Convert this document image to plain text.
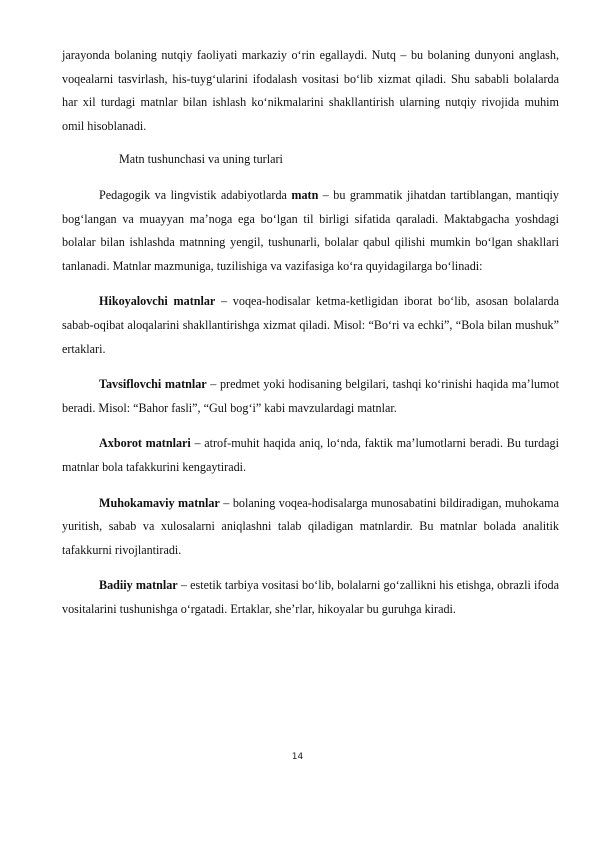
jarayonda bolaning nutqiy faoliyati markaziy o‘rin egallaydi. Nutq – bu bolaning dunyoni anglash, voqealarni tasvirlash, his-tuyg‘ularini ifodalash vositasi bo‘lib xizmat qiladi. Shu sababli bolalarda har xil turdagi matnlar bilan ishlash ko‘nikmalarini shakllantirish ularning nutqiy rivojida muhim omil hisoblanadi.

Matn tushunchasi va uning turlari

Pedagogik va lingvistik adabiyotlarda matn – bu grammatik jihatdan tartiblangan, mantiqiy bog‘langan va muayyan ma’noga ega bo‘lgan til birligi sifatida qaraladi. Maktabgacha yoshdagi bolalar bilan ishlashda matnning yengil, tushunarli, bolalar qabul qilishi mumkin bo‘lgan shakllari tanlanadi. Matnlar mazmuniga, tuzilishiga va vazifasiga ko‘ra quyidagilarga bo‘linadi:

Hikoyalovchi matnlar – voqea-hodisalar ketma-ketligidan iborat bo‘lib, asosan bolalarda sabab-oqibat aloqalarini shakllantirishga xizmat qiladi. Misol: “Bo‘ri va echki”, “Bola bilan mushuk” ertaklari.

Tavsiflovchi matnlar – predmet yoki hodisaning belgilari, tashqi ko‘rinishi haqida ma’lumot beradi. Misol: “Bahor fasli”, “Gul bog‘i” kabi mavzulardagi matnlar.

Axborot matnlari – atrof-muhit haqida aniq, lo‘nda, faktik ma’lumotlarni beradi. Bu turdagi matnlar bola tafakkurini kengaytiradi.

Muhokamaviy matnlar – bolaning voqea-hodisalarga munosabatini bildiradigan, muhokama yuritish, sabab va xulosalarni aniqlashni talab qiladigan matnlardir. Bu matnlar bolada analitik tafakkurni rivojlantiradi.

Badiiy matnlar – estetik tarbiya vositasi bo‘lib, bolalarni go‘zallikni his etishga, obrazli ifoda vositalarini tushunishga o‘rgatadi. Ertaklar, she’rlar, hikoyalar bu guruhga kiradi.

14
